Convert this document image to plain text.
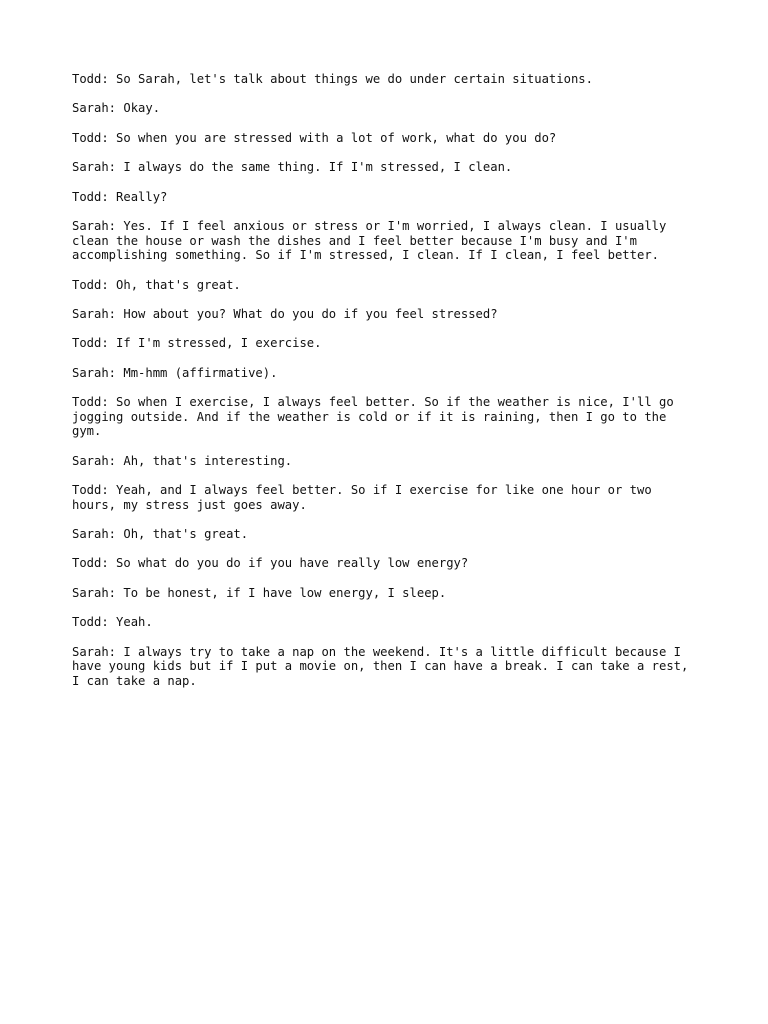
Todd: So Sarah, let's talk about things we do under certain situations.

Sarah: Okay.

Todd: So when you are stressed with a lot of work, what do you do?

Sarah: I always do the same thing. If I'm stressed, I clean.

Todd: Really?

Sarah: Yes. If I feel anxious or stress or I'm worried, I always clean. I usually clean the house or wash the dishes and I feel better because I'm busy and I'm accomplishing something. So if I'm stressed, I clean. If I clean, I feel better.

Todd: Oh, that's great.

Sarah: How about you? What do you do if you feel stressed?

Todd: If I'm stressed, I exercise.

Sarah: Mm-hmm (affirmative).

Todd: So when I exercise, I always feel better. So if the weather is nice, I'll go jogging outside. And if the weather is cold or if it is raining, then I go to the gym.

Sarah: Ah, that's interesting.

Todd: Yeah, and I always feel better. So if I exercise for like one hour or two hours, my stress just goes away.

Sarah: Oh, that's great.

Todd: So what do you do if you have really low energy?

Sarah: To be honest, if I have low energy, I sleep.

Todd: Yeah.

Sarah: I always try to take a nap on the weekend. It's a little difficult because I have young kids but if I put a movie on, then I can have a break. I can take a rest, I can take a nap.
